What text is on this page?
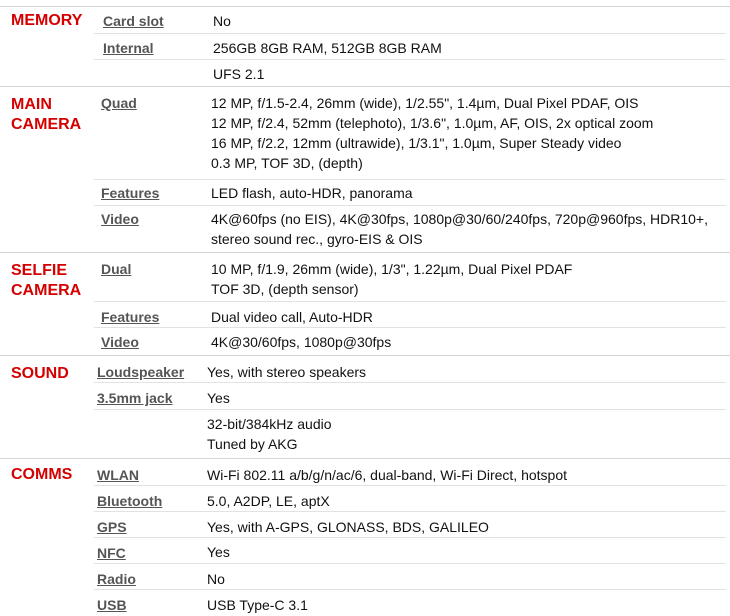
MEMORY	Card slot	No
Internal	256GB 8GB RAM, 512GB 8GB RAM
UFS 2.1
MAIN CAMERA
Quad	12 MP, f/1.5-2.4, 26mm (wide), 1/2.55", 1.4µm, Dual Pixel PDAF, OIS
12 MP, f/2.4, 52mm (telephoto), 1/3.6", 1.0µm, AF, OIS, 2x optical zoom
16 MP, f/2.2, 12mm (ultrawide), 1/3.1", 1.0µm, Super Steady video
0.3 MP, TOF 3D, (depth)
Features	LED flash, auto-HDR, panorama
Video	4K@60fps (no EIS), 4K@30fps, 1080p@30/60/240fps, 720p@960fps, HDR10+,
stereo sound rec., gyro-EIS & OIS
SELFIE CAMERA
Dual	10 MP, f/1.9, 26mm (wide), 1/3", 1.22µm, Dual Pixel PDAF
TOF 3D, (depth sensor)
Features	Dual video call, Auto-HDR
Video	4K@30/60fps, 1080p@30fps
SOUND	Loudspeaker Yes, with stereo speakers
3.5mm jack Yes
32-bit/384kHz audio
Tuned by AKG
COMMS	WLAN	Wi-Fi 802.11 a/b/g/n/ac/6, dual-band, Wi-Fi Direct, hotspot
Bluetooth	5.0, A2DP, LE, aptX
GPS	Yes, with A-GPS, GLONASS, BDS, GALILEO
NFC	Yes
Radio	No
USB	USB Type-C 3.1
